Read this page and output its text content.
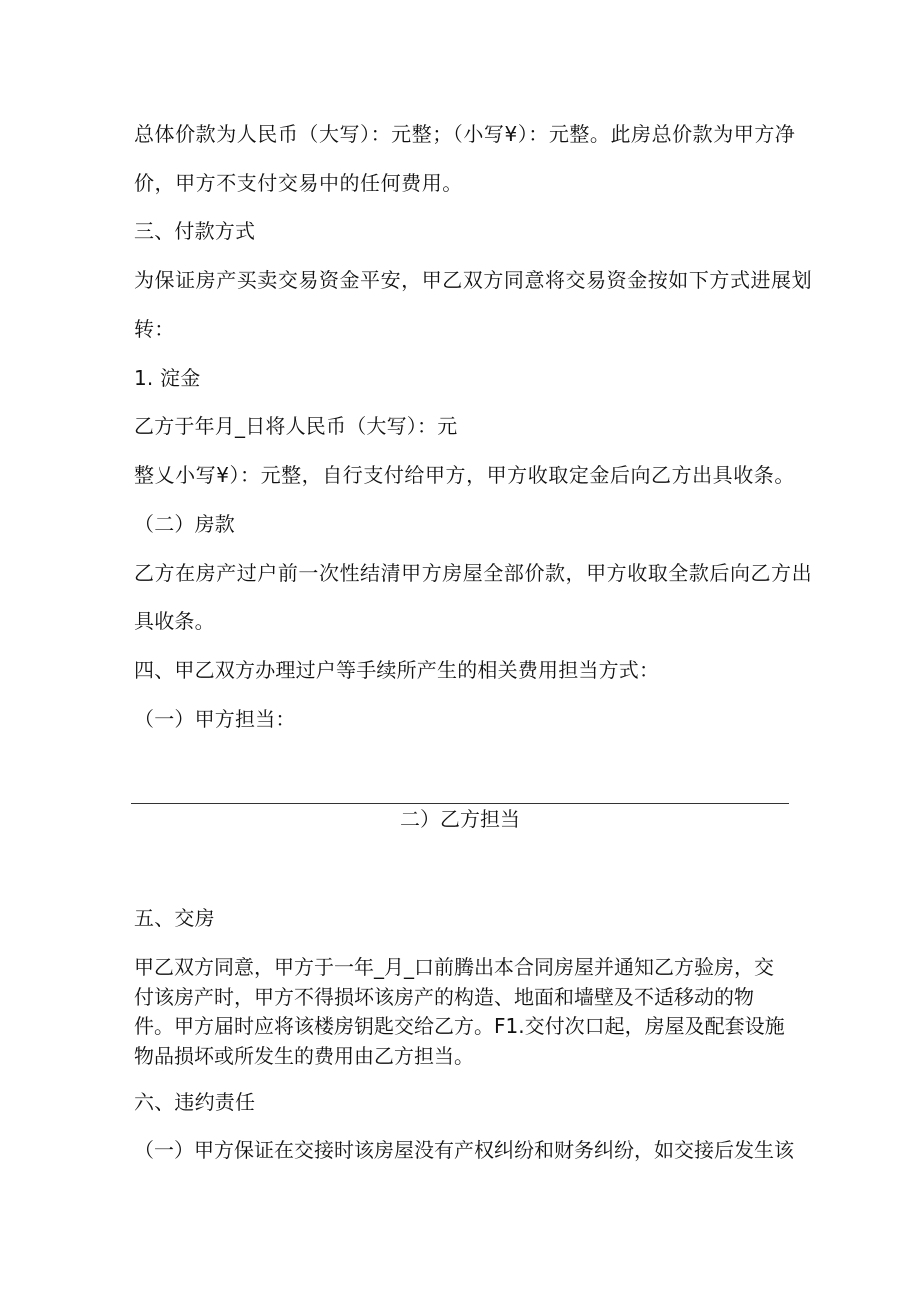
总体价款为人民币（大写）：元整；（小写¥）：元整。此房总价款为甲方净
价，甲方不支付交易中的任何费用。
三、付款方式
为保证房产买卖交易资金平安，甲乙双方同意将交易资金按如下方式进展划
转：
1. 淀金
乙方于年月_日将人民币（大写）：元
整乂小写¥）：元整，自行支付给甲方，甲方收取定金后向乙方出具收条。
（二）房款
乙方在房产过户前一次性结清甲方房屋全部价款，甲方收取全款后向乙方出
具收条。
四、甲乙双方办理过户等手续所产生的相关费用担当方式：
（一）甲方担当：
二）乙方担当
五、交房
甲乙双方同意，甲方于一年_月_口前腾出本合同房屋并通知乙方验房，交
付该房产时，甲方不得损坏该房产的构造、地面和墙壁及不适移动的物
件。甲方届时应将该楼房钥匙交给乙方。F1.交付次口起，房屋及配套设施
物品损坏或所发生的费用由乙方担当。
六、违约责任
（一）甲方保证在交接时该房屋没有产权纠纷和财务纠纷，如交接后发生该
